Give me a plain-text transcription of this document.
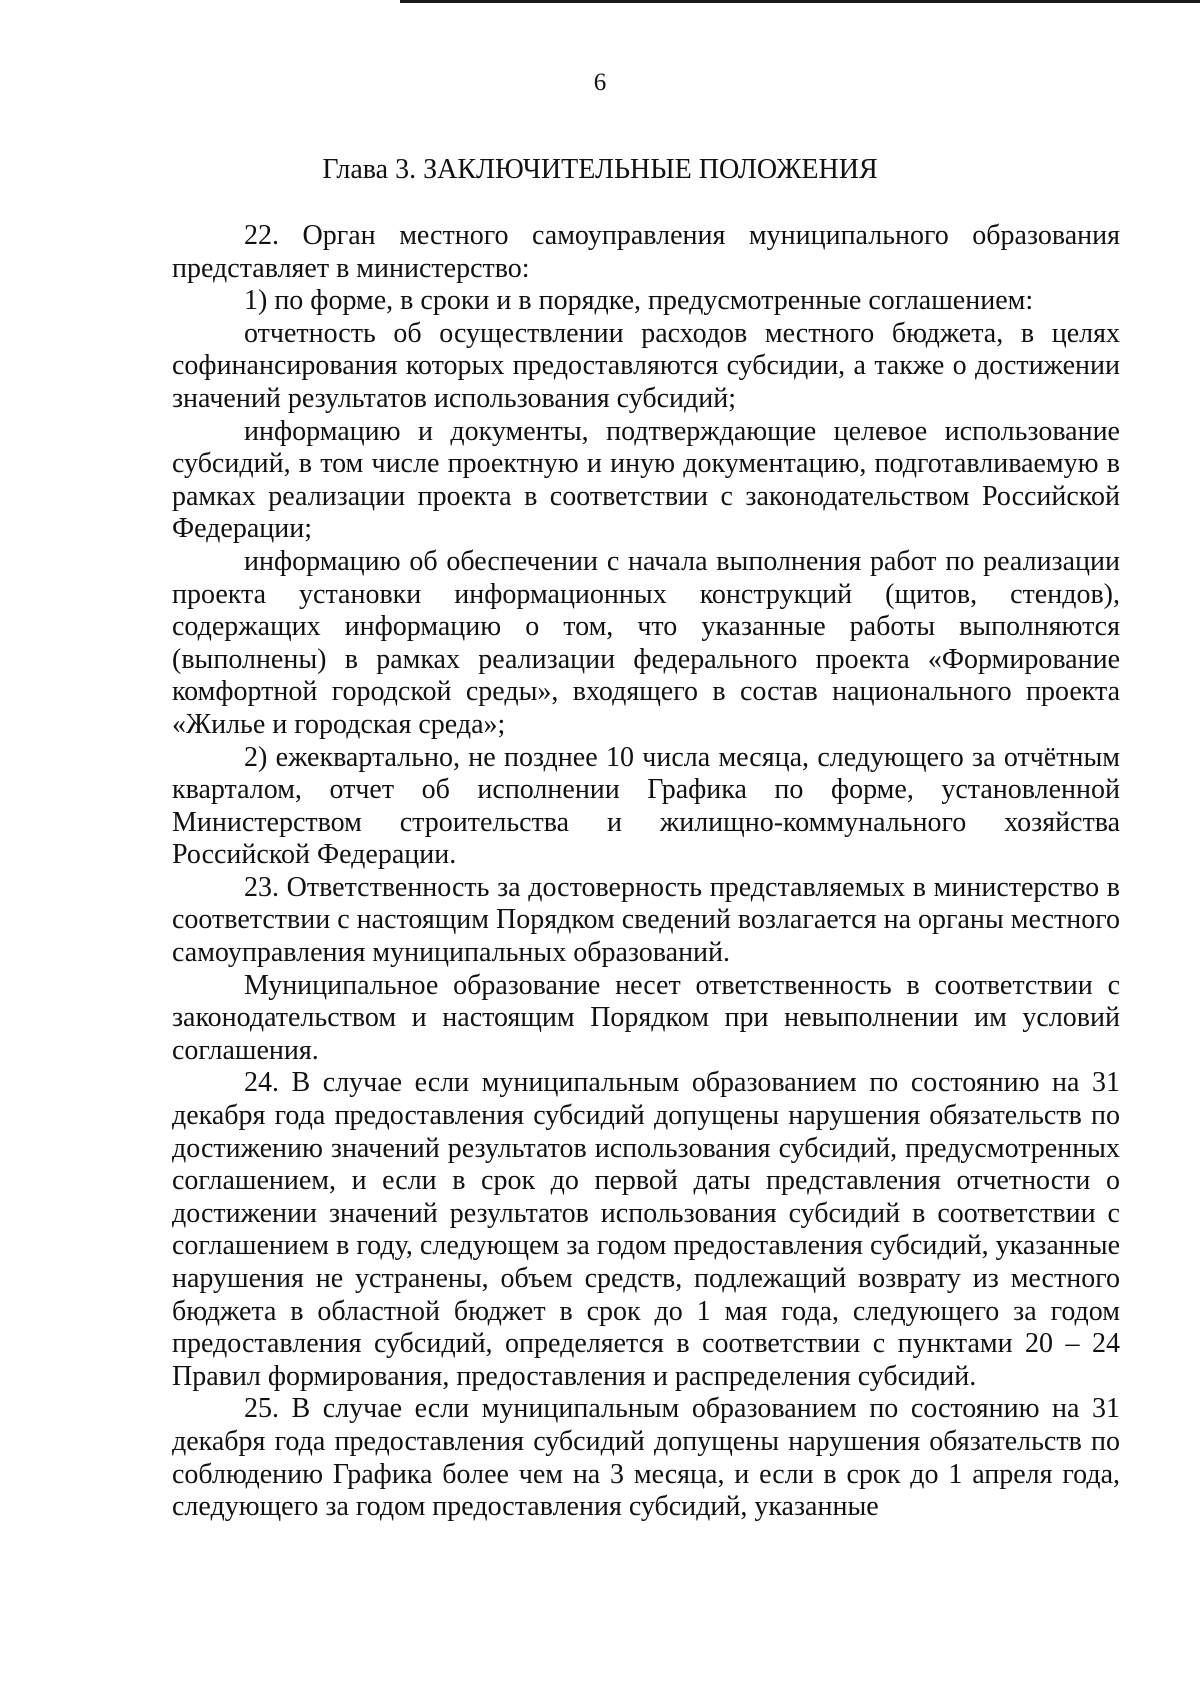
6
Глава 3. ЗАКЛЮЧИТЕЛЬНЫЕ ПОЛОЖЕНИЯ

22. Орган местного самоуправления муниципального образования представляет в министерство:

1) по форме, в сроки и в порядке, предусмотренные соглашением:

отчетность об осуществлении расходов местного бюджета, в целях софинансирования которых предоставляются субсидии, а также о достижении значений результатов использования субсидий;

информацию и документы, подтверждающие целевое использование субсидий, в том числе проектную и иную документацию, подготавливаемую в рамках реализации проекта в соответствии с законодательством Российской Федерации;

информацию об обеспечении с начала выполнения работ по реализации проекта установки информационных конструкций (щитов, стендов), содержащих информацию о том, что указанные работы выполняются (выполнены) в рамках реализации федерального проекта «Формирование комфортной городской среды», входящего в состав национального проекта «Жилье и городская среда»;

2) ежеквартально, не позднее 10 числа месяца, следующего за отчётным кварталом, отчет об исполнении Графика по форме, установленной Министерством строительства и жилищно-коммунального хозяйства Российской Федерации.

23. Ответственность за достоверность представляемых в министерство в соответствии с настоящим Порядком сведений возлагается на органы местного самоуправления муниципальных образований.

Муниципальное образование несет ответственность в соответствии с законодательством и настоящим Порядком при невыполнении им условий соглашения.

24. В случае если муниципальным образованием по состоянию на 31 декабря года предоставления субсидий допущены нарушения обязательств по достижению значений результатов использования субсидий, предусмотренных соглашением, и если в срок до первой даты представления отчетности о достижении значений результатов использования субсидий в соответствии с соглашением в году, следующем за годом предоставления субсидий, указанные нарушения не устранены, объем средств, подлежащий возврату из местного бюджета в областной бюджет в срок до 1 мая года, следующего за годом предоставления субсидий, определяется в соответствии с пунктами 20 – 24 Правил формирования, предоставления и распределения субсидий.

25. В случае если муниципальным образованием по состоянию на 31 декабря года предоставления субсидий допущены нарушения обязательств по соблюдению Графика более чем на 3 месяца, и если в срок до 1 апреля года, следующего за годом предоставления субсидий, указанные
